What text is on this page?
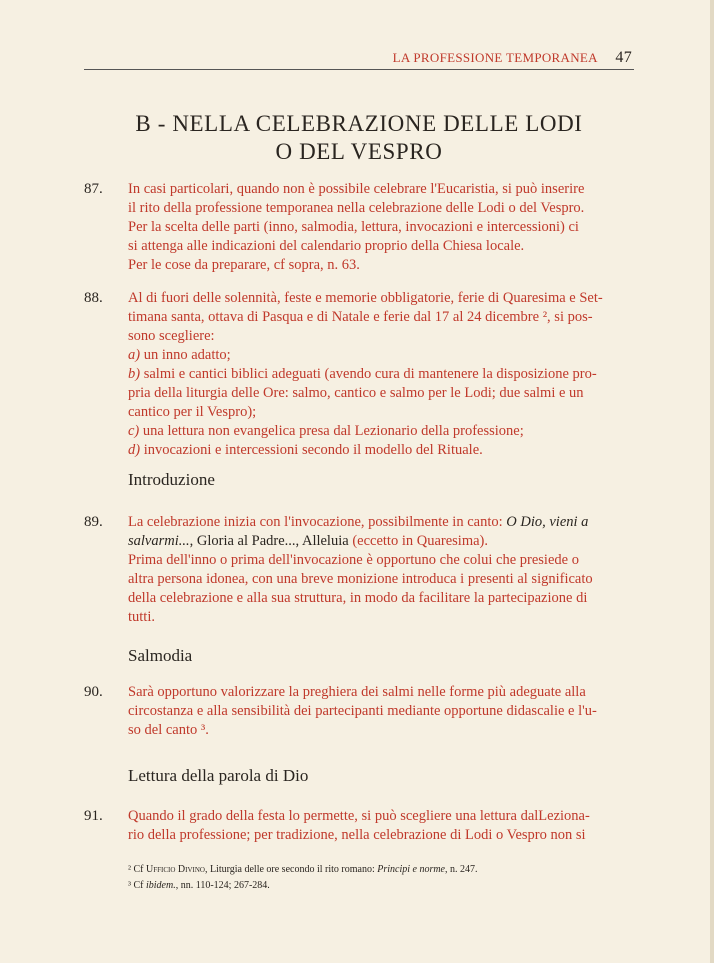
LA PROFESSIONE TEMPORANEA 47
B - NELLA CELEBRAZIONE DELLE LODI
O DEL VESPRO
87. In casi particolari, quando non è possibile celebrare l'Eucaristia, si può inserire
il rito della professione temporanea nella celebrazione delle Lodi o del Vespro.
Per la scelta delle parti (inno, salmodia, lettura, invocazioni e intercessioni) ci
si attenga alle indicazioni del calendario proprio della Chiesa locale.
Per le cose da preparare, cf sopra, n. 63.
88. Al di fuori delle solennità, feste e memorie obbligatorie, ferie di Quaresima e Set-
timana santa, ottava di Pasqua e di Natale e ferie dal 17 al 24 dicembre ², si pos-
sono scegliere:
a) un inno adatto;
b) salmi e cantici biblici adeguati (avendo cura di mantenere la disposizione pro-
pria della liturgia delle Ore: salmo, cantico e salmo per le Lodi; due salmi e un
cantico per il Vespro);
c) una lettura non evangelica presa dal Lezionario della professione;
d) invocazioni e intercessioni secondo il modello del Rituale.
Introduzione
89. La celebrazione inizia con l'invocazione, possibilmente in canto: O Dio, vieni a
salvarmi..., Gloria al Padre..., Alleluia (eccetto in Quaresima).
Prima dell'inno o prima dell'invocazione è opportuno che colui che presiede o
altra persona idonea, con una breve monizione introduca i presenti al significato
della celebrazione e alla sua struttura, in modo da facilitare la partecipazione di
tutti.
Salmodia
90. Sarà opportuno valorizzare la preghiera dei salmi nelle forme più adeguate alla
circostanza e alla sensibilità dei partecipanti mediante opportune didascalie e l'u-
so del canto ³.
Lettura della parola di Dio
91. Quando il grado della festa lo permette, si può scegliere una lettura dalLeziona-
rio della professione; per tradizione, nella celebrazione di Lodi o Vespro non si
² Cf Ufficio Divino, Liturgia delle ore secondo il rito romano: Principi e norme, n. 247.
³ Cf ibidem., nn. 110-124; 267-284.
